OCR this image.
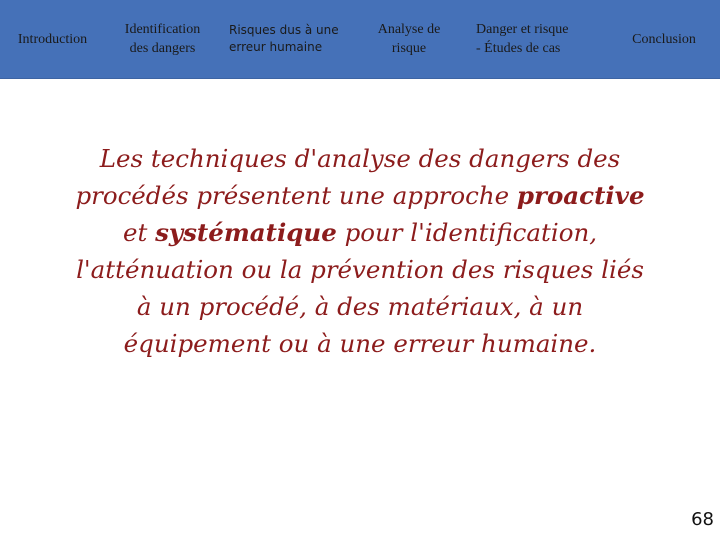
Introduction
Identification
des dangers
Risques dus à une
erreur humaine
Analyse de
risque
Danger et risque
- Études de cas
Conclusion
Les techniques d'analyse des dangers des procédés présentent une approche proactive et systématique pour l'identification, l'atténuation ou la prévention des risques liés à un procédé, à des matériaux, à un équipement ou à une erreur humaine.
68
